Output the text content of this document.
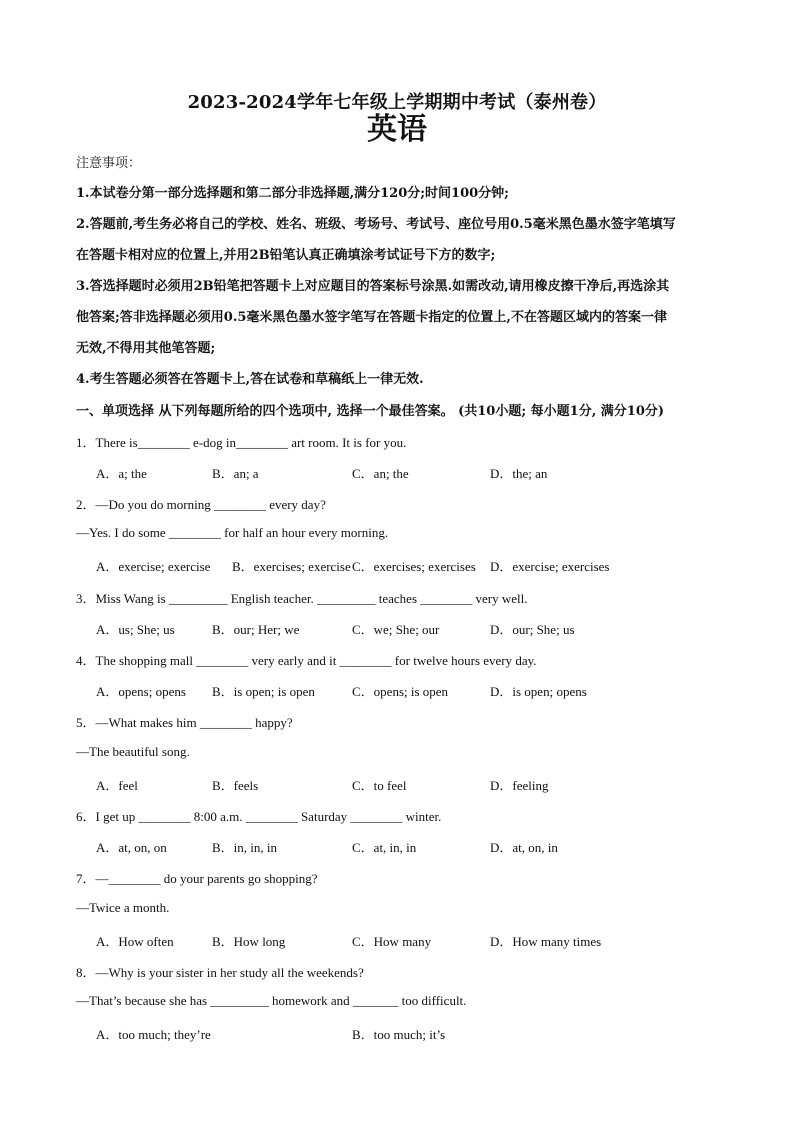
2023-2024学年七年级上学期期中考试（泰州卷）
英语
注意事项：
1.本试卷分第一部分选择题和第二部分非选择题,满分120分;时间100分钟;
2.答题前,考生务必将自己的学校、姓名、班级、考场号、考试号、座位号用0.5毫米黑色墨水签字笔填写
在答题卡相对应的位置上,并用2B铅笔认真正确填涂考试证号下方的数字;
3.答选择题时必须用2B铅笔把答题卡上对应题目的答案标号涂黑.如需改动,请用橡皮擦干净后,再选涂其
他答案;答非选择题必须用0.5毫米黑色墨水签字笔写在答题卡指定的位置上,不在答题区域内的答案一律
无效,不得用其他笔答题;
4.考生答题必须答在答题卡上,答在试卷和草稿纸上一律无效.
一、单项选择 从下列每题所给的四个选项中, 选择一个最佳答案。 (共10小题; 每小题1分, 满分10分)
1．There is________ e-dog in________ art room. It is for you.
A．a; the	B．an; a	C．an; the	D．the; an
2．—Do you do morning ________ every day?
—Yes. I do some ________ for half an hour every morning.
A．exercise; exercise B．exercises; exercise C．exercises; exercises D．exercise; exercises
3．Miss Wang is _________ English teacher. _________ teaches ________ very well.
A．us; She; us	B．our; Her; we	C．we; She; our	D．our; She; us
4．The shopping mall ________ very early and it ________ for twelve hours every day.
A．opens; opens B．is open; is open	C．opens; is open	D．is open; opens
5．—What makes him ________ happy?
—The beautiful song.
A．feel	B．feels	C．to feel	D．feeling
6．I get up ________ 8:00 a.m. ________ Saturday ________ winter.
A．at, on, on	B．in, in, in	C．at, in, in	D．at, on, in
7．—________ do your parents go shopping?
—Twice a month.
A．How often	B．How long	C．How many	D．How many times
8．—Why is your sister in her study all the weekends?
—That’s because she has _________ homework and _______ too difficult.
A．too much; they’re	B．too much; it’s
